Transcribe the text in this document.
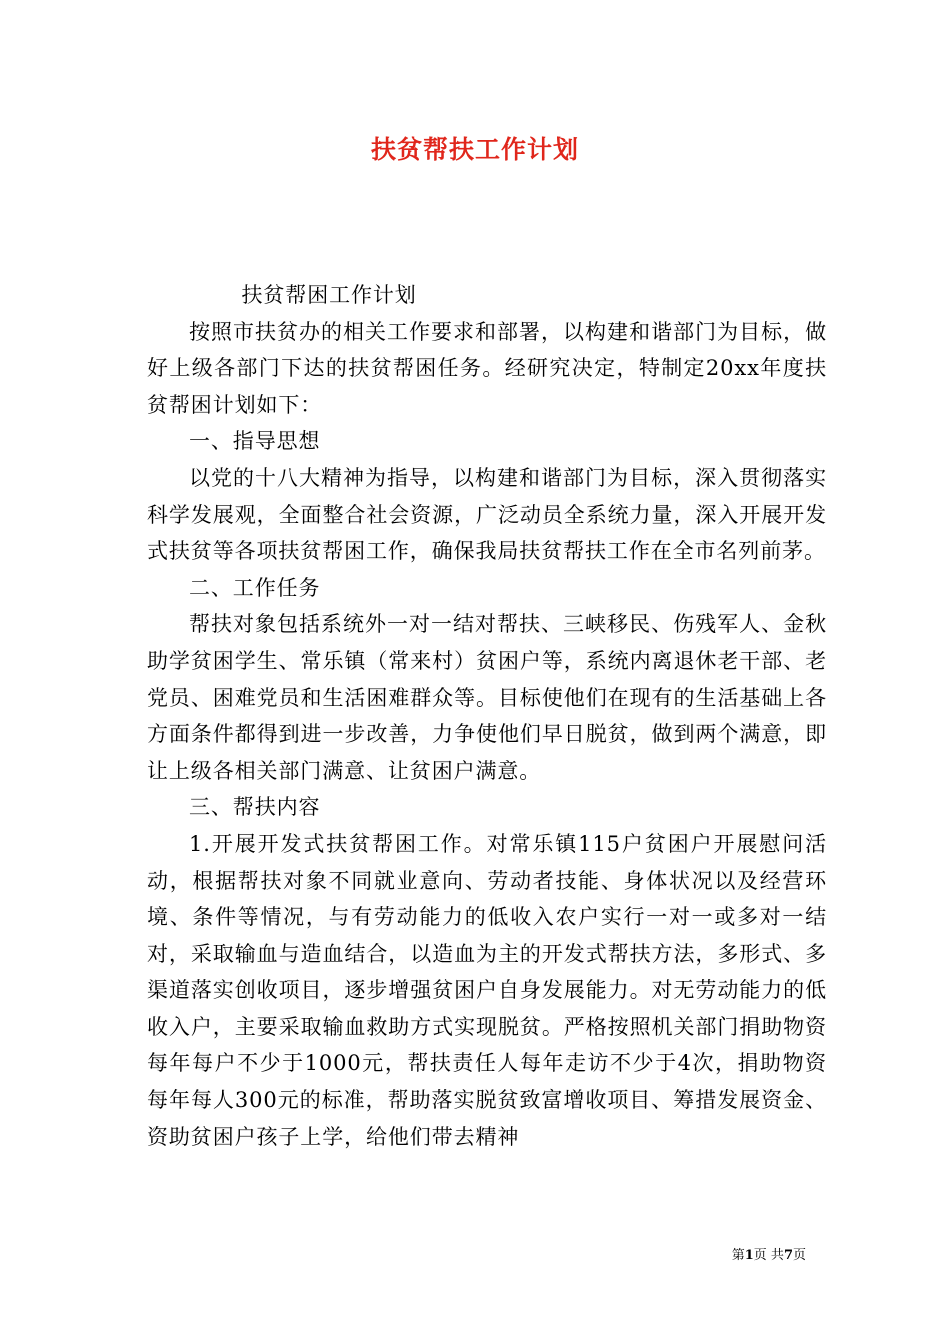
扶贫帮扶工作计划

扶贫帮困工作计划

按照市扶贫办的相关工作要求和部署，以构建和谐部门为目标，做好上级各部门下达的扶贫帮困任务。经研究决定，特制定20xx年度扶贫帮困计划如下：

一、指导思想

以党的十八大精神为指导，以构建和谐部门为目标，深入贯彻落实科学发展观，全面整合社会资源，广泛动员全系统力量，深入开展开发式扶贫等各项扶贫帮困工作，确保我局扶贫帮扶工作在全市名列前茅。

二、工作任务

帮扶对象包括系统外一对一结对帮扶、三峡移民、伤残军人、金秋助学贫困学生、常乐镇（常来村）贫困户等，系统内离退休老干部、老党员、困难党员和生活困难群众等。目标使他们在现有的生活基础上各方面条件都得到进一步改善，力争使他们早日脱贫，做到两个满意，即让上级各相关部门满意、让贫困户满意。

三、帮扶内容

1.开展开发式扶贫帮困工作。对常乐镇115户贫困户开展慰问活动，根据帮扶对象不同就业意向、劳动者技能、身体状况以及经营环境、条件等情况，与有劳动能力的低收入农户实行一对一或多对一结对，采取输血与造血结合，以造血为主的开发式帮扶方法，多形式、多渠道落实创收项目，逐步增强贫困户自身发展能力。对无劳动能力的低收入户，主要采取输血救助方式实现脱贫。严格按照机关部门捐助物资每年每户不少于1000元，帮扶责任人每年走访不少于4次，捐助物资每年每人300元的标准，帮助落实脱贫致富增收项目、筹措发展资金、资助贫困户孩子上学，给他们带去精神

第1页 共7页
